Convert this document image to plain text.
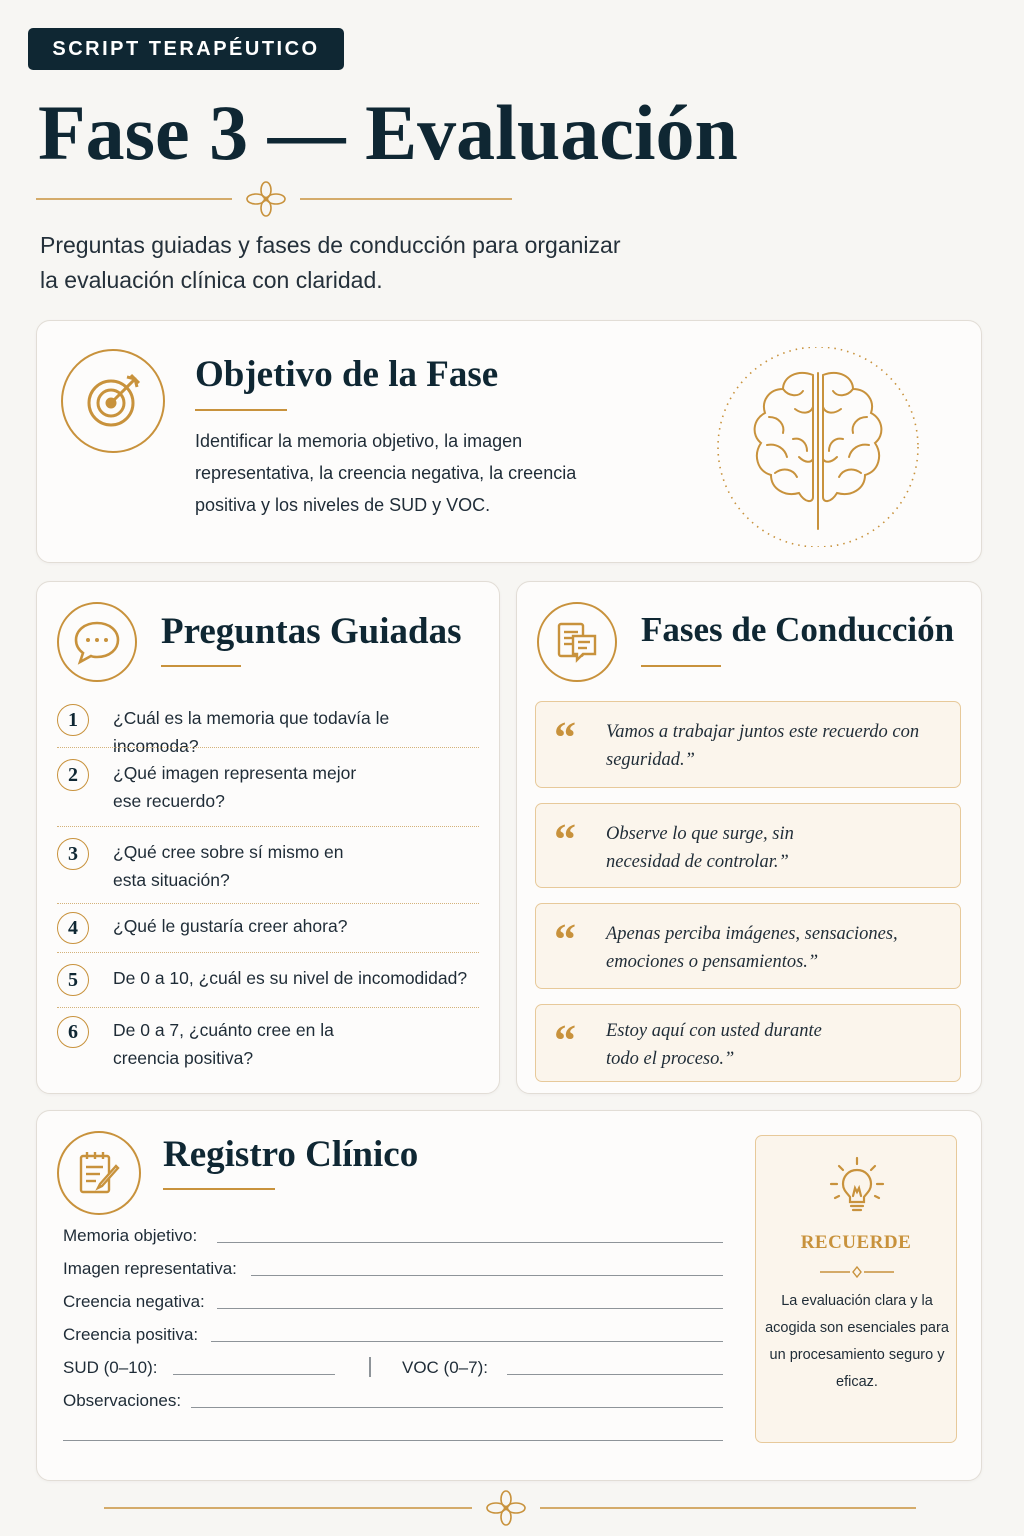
SCRIPT TERAPÉUTICO
Fase 3 — Evaluación

Preguntas guiadas y fases de conducción para organizar la evaluación clínica con claridad.

Objetivo de la Fase

Identificar la memoria objetivo, la imagen representativa, la creencia negativa, la creencia positiva y los niveles de SUD y VOC.

Preguntas Guiadas
1	¿Cuál es la memoria que todavía le incomoda?
2	¿Qué imagen representa mejor ese recuerdo?
3	¿Qué cree sobre sí mismo en esta situación?
4	¿Qué le gustaría creer ahora?
5	De 0 a 10, ¿cuál es su nivel de incomodidad?
6	De 0 a 7, ¿cuánto cree en la creencia positiva?
Fases de Conducción
“ Vamos a trabajar juntos este recuerdo con seguridad.”

“ Observe lo que surge, sin necesidad de controlar.”

“ Apenas perciba imágenes, sensaciones, emociones o pensamientos.”

“ Estoy aquí con usted durante todo el proceso.”

Registro Clínico
Memoria objetivo:
Imagen representativa:
Creencia negativa:
Creencia positiva:
SUD (0–10):	VOC (0–7):
Observaciones:
RECUERDE

La evaluación clara y la acogida son esenciales para un procesamiento seguro y eficaz.
